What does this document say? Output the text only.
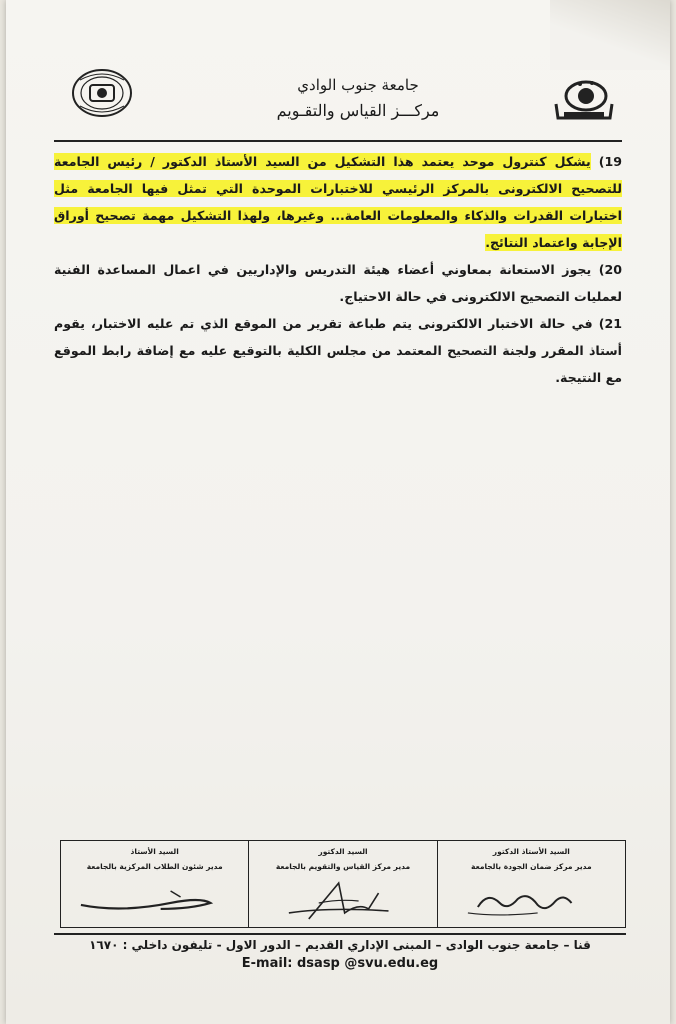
جامعة جنوب الوادي
مركـــز القياس والتقـويم

19) يشكل كنترول موحد يعتمد هذا التشكيل من السيد الأستاذ الدكتور / رئيس الجامعة للتصحيح الالكترونى بالمركز الرئيسي للاختبارات الموحدة التي تمثل فيها الجامعة مثل اختبارات القدرات والذكاء والمعلومات العامة... وغيرها، ولهذا التشكيل مهمة تصحيح أوراق الإجابة واعتماد النتائج.

20) يجوز الاستعانة بمعاوني أعضاء هيئة التدريس والإداريين في اعمال المساعدة الفنية لعمليات التصحيح الالكترونى في حالة الاحتياج.

21) في حالة الاختبار الالكترونى يتم طباعة تقرير من الموقع الذي تم عليه الاختبار، يقوم أستاذ المقرر ولجنة التصحيح المعتمد من مجلس الكلية بالتوقيع عليه مع إضافة رابط الموقع مع النتيجة.

السيد الأستاذ الدكتور
مدير مركز ضمان الجودة بالجامعة
السيد الدكتور
مدير مركز القياس والتقويم بالجامعة
السيد الأستاذ
مدير شئون الطلاب المركزية بالجامعة
قنا – جامعة جنوب الوادى – المبنى الإداري القديم – الدور الاول - تليفون داخلي : ١٦٧٠
E-mail: dsasp @svu.edu.eg
